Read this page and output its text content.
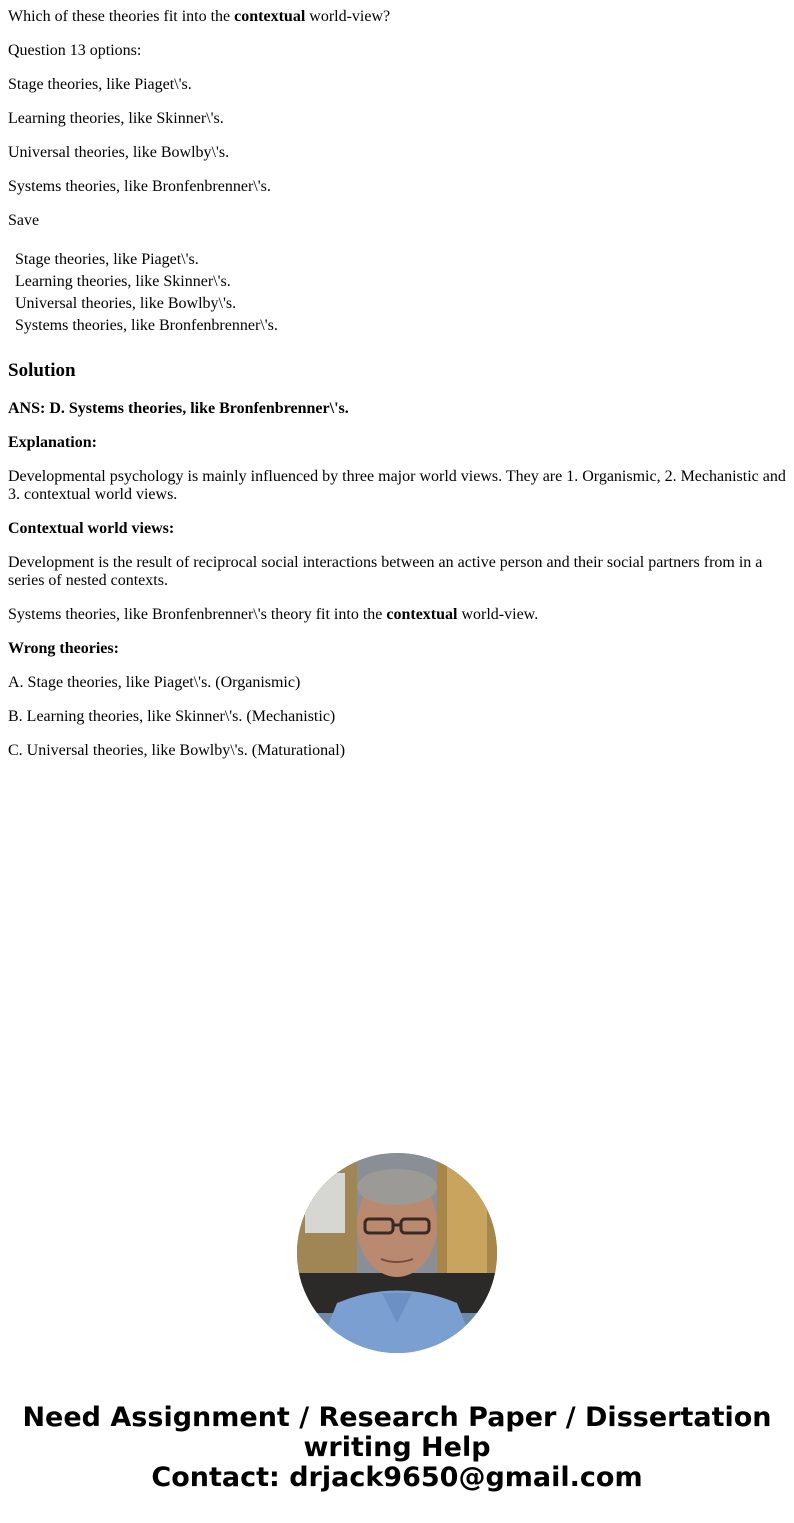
Which of these theories fit into the contextual world-view?

Question 13 options:

Stage theories, like Piaget\'s.

Learning theories, like Skinner\'s.

Universal theories, like Bowlby\'s.

Systems theories, like Bronfenbrenner\'s.

Save

Stage theories, like Piaget\'s.
Learning theories, like Skinner\'s.
Universal theories, like Bowlby\'s.
Systems theories, like Bronfenbrenner\'s.
Solution

ANS: D. Systems theories, like Bronfenbrenner\'s.

Explanation:

Developmental psychology is mainly influenced by three major world views. They are 1. Organismic, 2. Mechanistic and 3. contextual world views.

Contextual world views:

Development is the result of reciprocal social interactions between an active person and their social partners from in a series of nested contexts.

Systems theories, like Bronfenbrenner\'s theory fit into the contextual world-view.

Wrong theories:

A. Stage theories, like Piaget\'s. (Organismic)

B. Learning theories, like Skinner\'s. (Mechanistic)

C. Universal theories, like Bowlby\'s. (Maturational)

Need Assignment / Research Paper / Dissertation
writing Help
Contact: drjack9650@gmail.com
